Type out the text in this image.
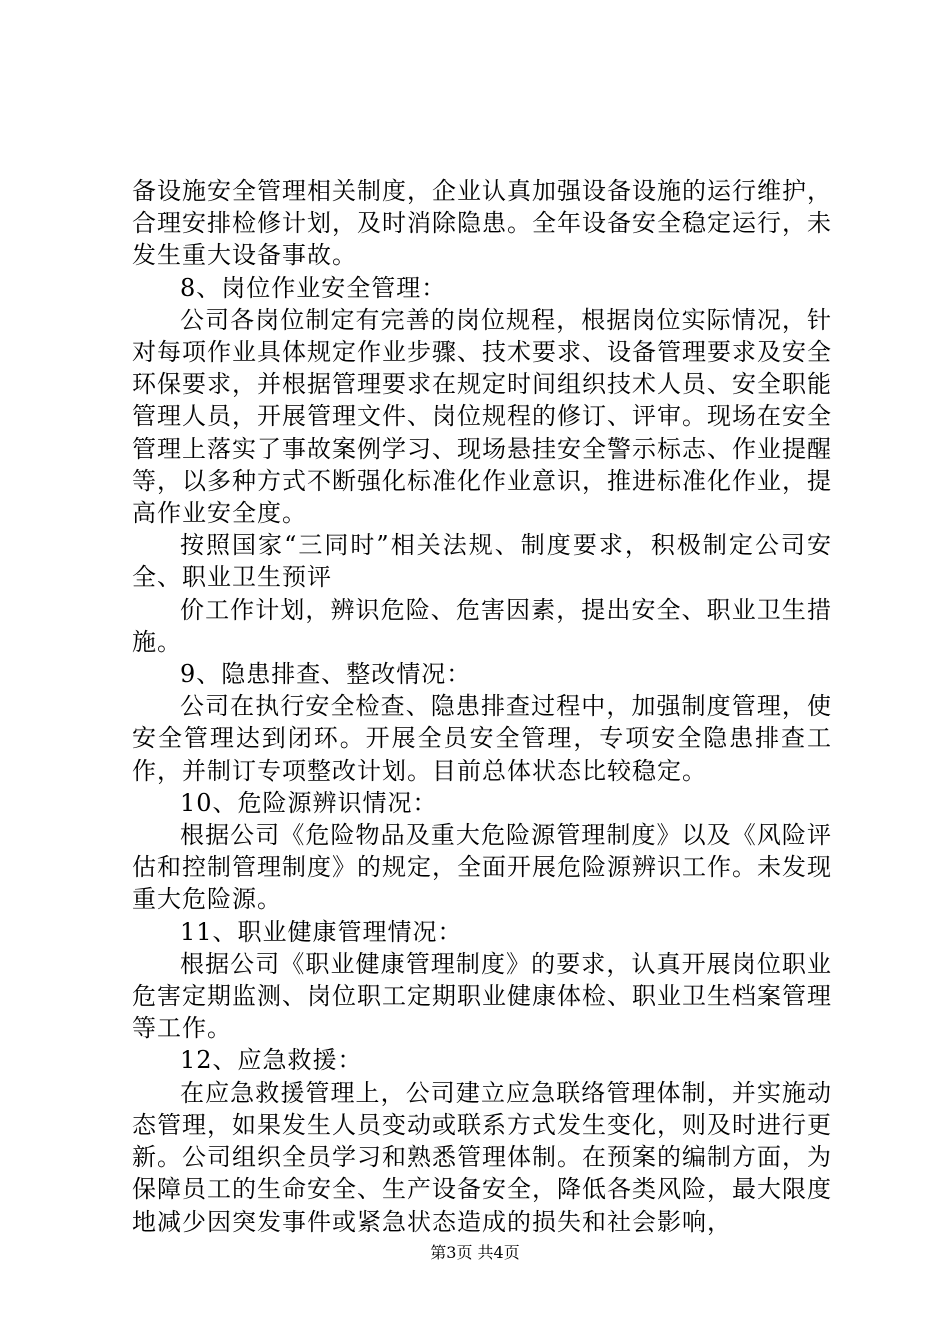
备设施安全管理相关制度，企业认真加强设备设施的运行维护，合理安排检修计划，及时消除隐患。全年设备安全稳定运行，未发生重大设备事故。

8、岗位作业安全管理：

公司各岗位制定有完善的岗位规程，根据岗位实际情况，针对每项作业具体规定作业步骤、技术要求、设备管理要求及安全环保要求，并根据管理要求在规定时间组织技术人员、安全职能管理人员，开展管理文件、岗位规程的修订、评审。现场在安全管理上落实了事故案例学习、现场悬挂安全警示标志、作业提醒等，以多种方式不断强化标准化作业意识，推进标准化作业，提高作业安全度。

按照国家“三同时”相关法规、制度要求，积极制定公司安全、职业卫生预评

价工作计划，辨识危险、危害因素，提出安全、职业卫生措施。

9、隐患排查、整改情况：

公司在执行安全检查、隐患排查过程中，加强制度管理，使安全管理达到闭环。开展全员安全管理，专项安全隐患排查工作，并制订专项整改计划。目前总体状态比较稳定。

10、危险源辨识情况：

根据公司《危险物品及重大危险源管理制度》以及《风险评估和控制管理制度》的规定，全面开展危险源辨识工作。未发现重大危险源。

11、职业健康管理情况：

根据公司《职业健康管理制度》的要求，认真开展岗位职业危害定期监测、岗位职工定期职业健康体检、职业卫生档案管理等工作。

12、应急救援：

在应急救援管理上，公司建立应急联络管理体制，并实施动态管理，如果发生人员变动或联系方式发生变化，则及时进行更新。公司组织全员学习和熟悉管理体制。在预案的编制方面，为保障员工的生命安全、生产设备安全，降低各类风险，最大限度地减少因突发事件或紧急状态造成的损失和社会影响，

第3页 共4页
